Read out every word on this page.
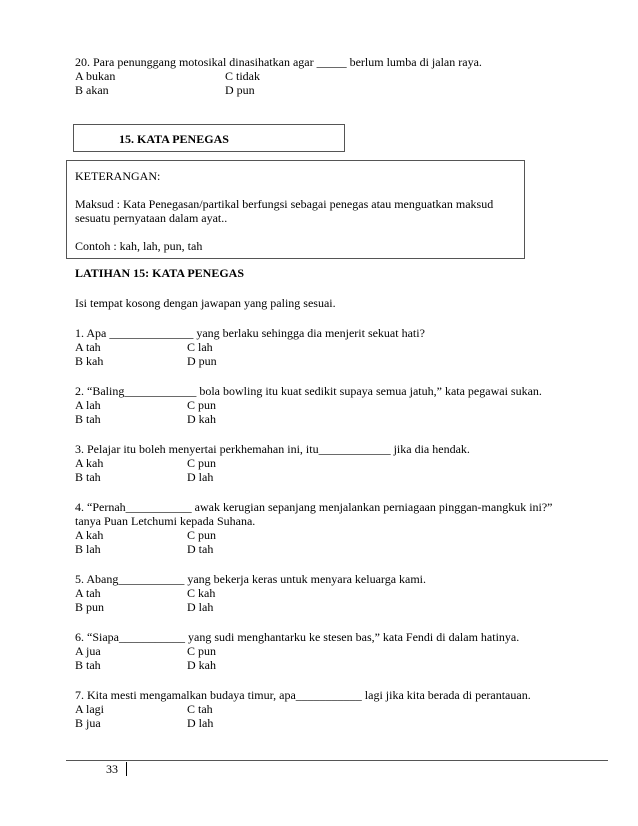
20. Para penunggang motosikal dinasihatkan agar _____ berlum lumba di jalan raya.
A bukan	C tidak
B akan	D pun
15. KATA PENEGAS
KETERANGAN:
Maksud : Kata Penegasan/partikal berfungsi sebagai penegas atau menguatkan maksud
sesuatu pernyataan dalam ayat..
Contoh : kah, lah, pun, tah
LATIHAN 15: KATA PENEGAS
Isi tempat kosong dengan jawapan yang paling sesuai.
1. Apa ______________ yang berlaku sehingga dia menjerit sekuat hati?
A tah	C lah
B kah	D pun
2. “Baling____________ bola bowling itu kuat sedikit supaya semua jatuh,” kata pegawai sukan.
A lah	C pun
B tah	D kah
3. Pelajar itu boleh menyertai perkhemahan ini, itu____________ jika dia hendak.
A kah	C pun
B tah	D lah
4. “Pernah___________ awak kerugian sepanjang menjalankan perniagaan pinggan-mangkuk ini?”
tanya Puan Letchumi kepada Suhana.
A kah	C pun
B lah	D tah
5. Abang___________ yang bekerja keras untuk menyara keluarga kami.
A tah	C kah
B pun	D lah
6. “Siapa___________ yang sudi menghantarku ke stesen bas,” kata Fendi di dalam hatinya.
A jua	C pun
B tah	D kah
7. Kita mesti mengamalkan budaya timur, apa___________ lagi jika kita berada di perantauan.
A lagi	C tah
B jua	D lah
33
